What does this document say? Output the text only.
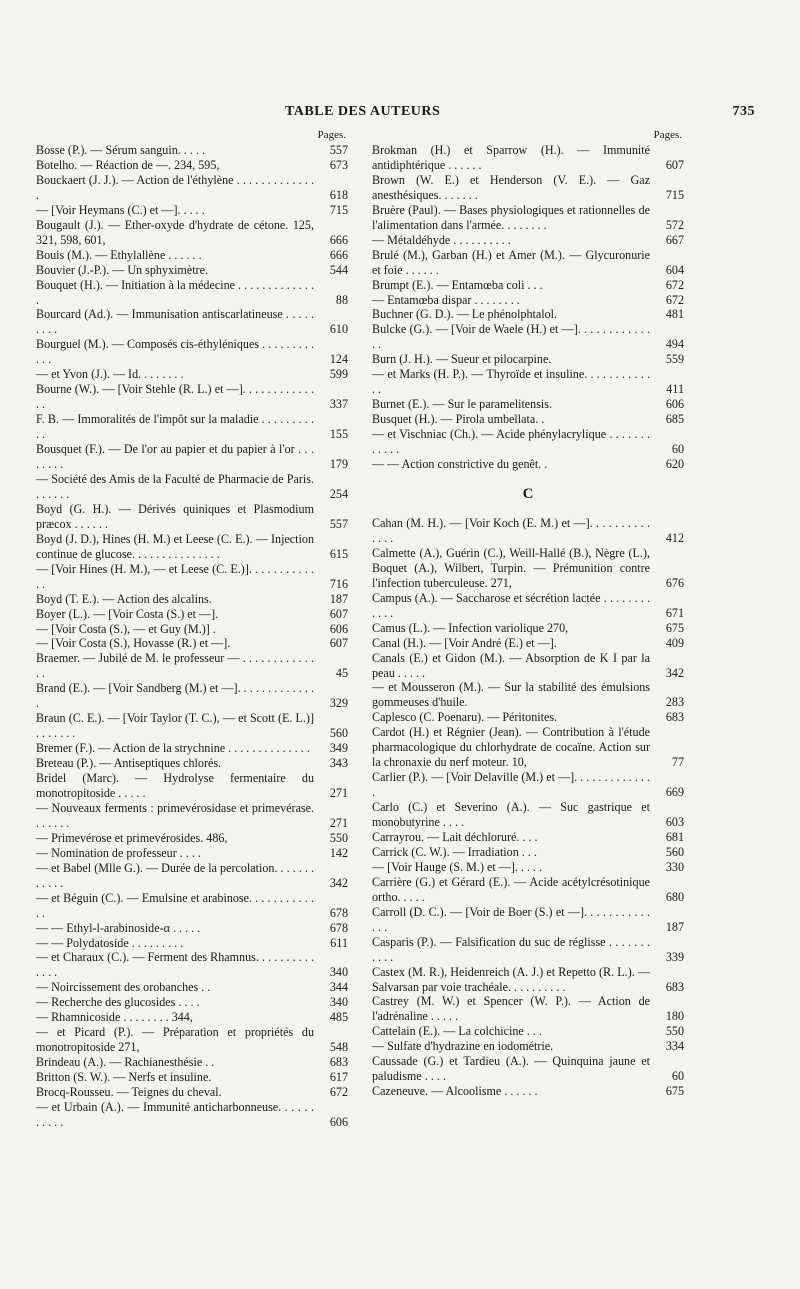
TABLE DES AUTEURS	735
Pages.
Bosse (P.). — Sérum sanguin. . . . .	557
Botelho. — Réaction de —. 234, 595,	673
Bouckaert (J. J.). — Action de l'éthylène . . . . . . . . . . . . . .	618
— [Voir Heymans (C.) et —]. . . . .	715
Bougault (J.). — Ether-oxyde d'hydrate de cétone. 125, 321, 598, 601,	666
Bouis (M.). — Ethylallène . . . . . .	666
Bouvier (J.-P.). — Un sphyximètre.	544
Bouquet (H.). — Initiation à la médecine . . . . . . . . . . . . . .	88
Bourcard (Ad.). — Immunisation antiscarlatineuse . . . . . . . . .	610
Bourguel (M.). — Composés cis-éthyléniques . . . . . . . . . . . .	124
— et Yvon (J.). — Id. . . . . . . .	599
Bourne (W.). — [Voir Stehle (R. L.) et —]. . . . . . . . . . . . . .	337
F. B. — Immoralités de l'impôt sur la maladie . . . . . . . . . . .	155
Bousquet (F.). — De l'or au papier et du papier à l'or . . . . . . . .	179
— Société des Amis de la Faculté de Pharmacie de Paris. . . . . . .	254
Boyd (G. H.). — Dérivés quiniques et Plasmodium præcox . . . . . .	557
Boyd (J. D.), Hines (H. M.) et Leese (C. E.). — Injection continue de glucose. . . . . . . . . . . . . . .	615
— [Voir Hines (H. M.), — et Leese (C. E.)]. . . . . . . . . . . . .	716
Boyd (T. E.). — Action des alcalins.	187
Boyer (L.). — [Voir Costa (S.) et —].	607
— [Voir Costa (S.), — et Guy (M.)] .	606
— [Voir Costa (S.), Hovasse (R.) et —].	607
Braemer. — Jubilé de M. le professeur — . . . . . . . . . . . . . .	45
Brand (E.). — [Voir Sandberg (M.) et —]. . . . . . . . . . . . . .	329
Braun (C. E.). — [Voir Taylor (T. C.), — et Scott (E. L.)] . . . . . . .	560
Bremer (F.). — Action de la strychnine . . . . . . . . . . . . . .	349
Breteau (P.). — Antiseptiques chlorés.	343
Bridel (Marc). — Hydrolyse fermentaire du monotropitoside . . . . .	271
— Nouveaux ferments : primevérosidase et primevérase. . . . . . .	271
— Primevérose et primevérosides. 486,	550
— Nomination de professeur . . . .	142
— et Babel (Mlle G.). — Durée de la percolation. . . . . . . . . . . .	342
— et Béguin (C.). — Emulsine et arabinose. . . . . . . . . . . . .	678
— — Ethyl-l-arabinoside-α . . . . .	678
— — Polydatoside . . . . . . . . .	611
— et Charaux (C.). — Ferment des Rhamnus. . . . . . . . . . . . . .	340
— Noircissement des orobanches . .	344
— Recherche des glucosides . . . .	340
— Rhamnicoside . . . . . . . . 344,	485
— et Picard (P.). — Préparation et propriétés du monotropitoside 271,	548
Brindeau (A.). — Rachianesthésie . .	683
Britton (S. W.). — Nerfs et insuline.	617
Brocq-Rousseu. — Teignes du cheval.	672
— et Urbain (A.). — Immunité anticharbonneuse. . . . . . . . . . .	606
Pages.
Brokman (H.) et Sparrow (H.). — Immunité antidiphtérique . . . . . .	607
Brown (W. E.) et Henderson (V. E.). — Gaz anesthésiques. . . . . . .	715
Bruère (Paul). — Bases physiologiques et rationnelles de l'alimentation dans l'armée. . . . . . . .	572
— Métaldéhyde . . . . . . . . . .	667
Brulé (M.), Garban (H.) et Amer (M.). — Glycuronurie et foie . . . . . .	604
Brumpt (E.). — Entamœba coli . . .	672
— Entamœba dispar . . . . . . . .	672
Buchner (G. D.). — Le phénolphtalol.	481
Bulcke (G.). — [Voir de Waele (H.) et —]. . . . . . . . . . . . . .	494
Burn (J. H.). — Sueur et pilocarpine.	559
— et Marks (H. P.). — Thyroïde et insuline. . . . . . . . . . . . .	411
Burnet (E.). — Sur le paramelitensis.	606
Busquet (H.). — Pirola umbellata. .	685
— et Vischniac (Ch.). — Acide phénylacrylique . . . . . . . . . . . .	60
— — Action constrictive du genêt. .	620
C
Cahan (M. H.). — [Voir Koch (E. M.) et —]. . . . . . . . . . . . . .	412
Calmette (A.), Guérin (C.), Weill-Hallé (B.), Nègre (L.), Boquet (A.), Wilbert, Turpin. — Prémunition contre l'infection tuberculeuse. 271,	676
Campus (A.). — Saccharose et sécrétion lactée . . . . . . . . . . . .	671
Camus (L.). — Infection variolique 270,	675
Canal (H.). — [Voir André (E.) et —].	409
Canals (E.) et Gidon (M.). — Absorption de K I par la peau . . . . .	342
— et Mousseron (M.). — Sur la stabilité des émulsions gommeuses d'huile.	283
Caplesco (C. Poenaru). — Péritonites.	683
Cardot (H.) et Régnier (Jean). — Contribution à l'étude pharmacologique du chlorhydrate de cocaïne. Action sur la chronaxie du nerf moteur. 10,	77
Carlier (P.). — [Voir Delaville (M.) et —]. . . . . . . . . . . . . .	669
Carlo (C.) et Severino (A.). — Suc gastrique et monobutyrine . . . .	603
Carrayrou. — Lait déchloruré. . . .	681
Carrick (C. W.). — Irradiation . . .	560
— [Voir Hauge (S. M.) et —]. . . . .	330
Carrière (G.) et Gérard (E.). — Acide acétylcrésotinique ortho. . . . .	680
Carroll (D. C.). — [Voir de Boer (S.) et —]. . . . . . . . . . . . . .	187
Casparis (P.). — Falsification du suc de réglisse . . . . . . . . . . .	339
Castex (M. R.), Heidenreich (A. J.) et Repetto (R. L.). — Salvarsan par voie trachéale. . . . . . . . . .	683
Castrey (M. W.) et Spencer (W. P.). — Action de l'adrénaline . . . . .	180
Cattelain (E.). — La colchicine . . .	550
— Sulfate d'hydrazine en iodométrie.	334
Caussade (G.) et Tardieu (A.). — Quinquina jaune et paludisme . . . .	60
Cazeneuve. — Alcoolisme . . . . . .	675
